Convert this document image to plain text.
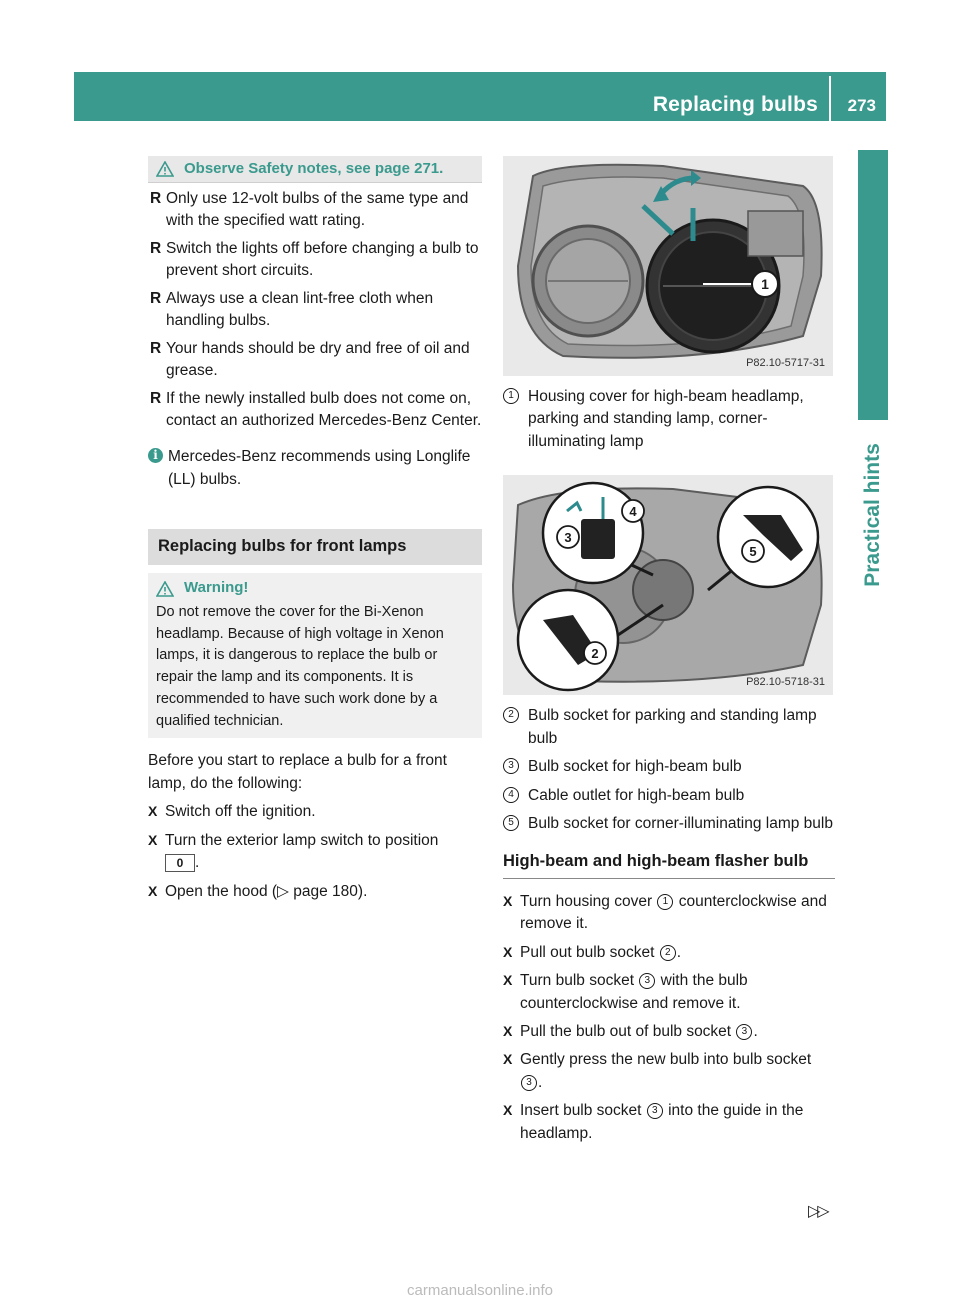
Replacing bulbs 273
Practical hints
Observe Safety notes, see page 271.
R Only use 12-volt bulbs of the same type and with the specified watt rating.
R Switch the lights off before changing a bulb to prevent short circuits.
R Always use a clean lint-free cloth when handling bulbs.
R Your hands should be dry and free of oil and grease.
R If the newly installed bulb does not come on, contact an authorized Mercedes-Benz Center.
i Mercedes-Benz recommends using Longlife (LL) bulbs.
Replacing bulbs for front lamps
Warning!
Do not remove the cover for the Bi-Xenon headlamp. Because of high voltage in Xenon lamps, it is dangerous to replace the bulb or repair the lamp and its components. It is recommended to have such work done by a qualified technician.
Before you start to replace a bulb for a front lamp, do the following:
X Switch off the ignition.
X Turn the exterior lamp switch to position
0 .
X Open the hood (▷ page 180).
1
P82.10-5717-31
1 Housing cover for high-beam headlamp, parking and standing lamp, corner-illuminating lamp
3
4
5
2
P82.10-5718-31
2 Bulb socket for parking and standing lamp bulb
3 Bulb socket for high-beam bulb
4 Cable outlet for high-beam bulb
5 Bulb socket for corner-illuminating lamp bulb
High-beam and high-beam flasher bulb
X Turn housing cover 1 counterclockwise and remove it.
X Pull out bulb socket 2 .
X Turn bulb socket 3 with the bulb counterclockwise and remove it.
X Pull the bulb out of bulb socket 3 .
X Gently press the new bulb into bulb socket
3 .
X Insert bulb socket 3 into the guide in the headlamp.
▷▷
carmanualsonline.info
